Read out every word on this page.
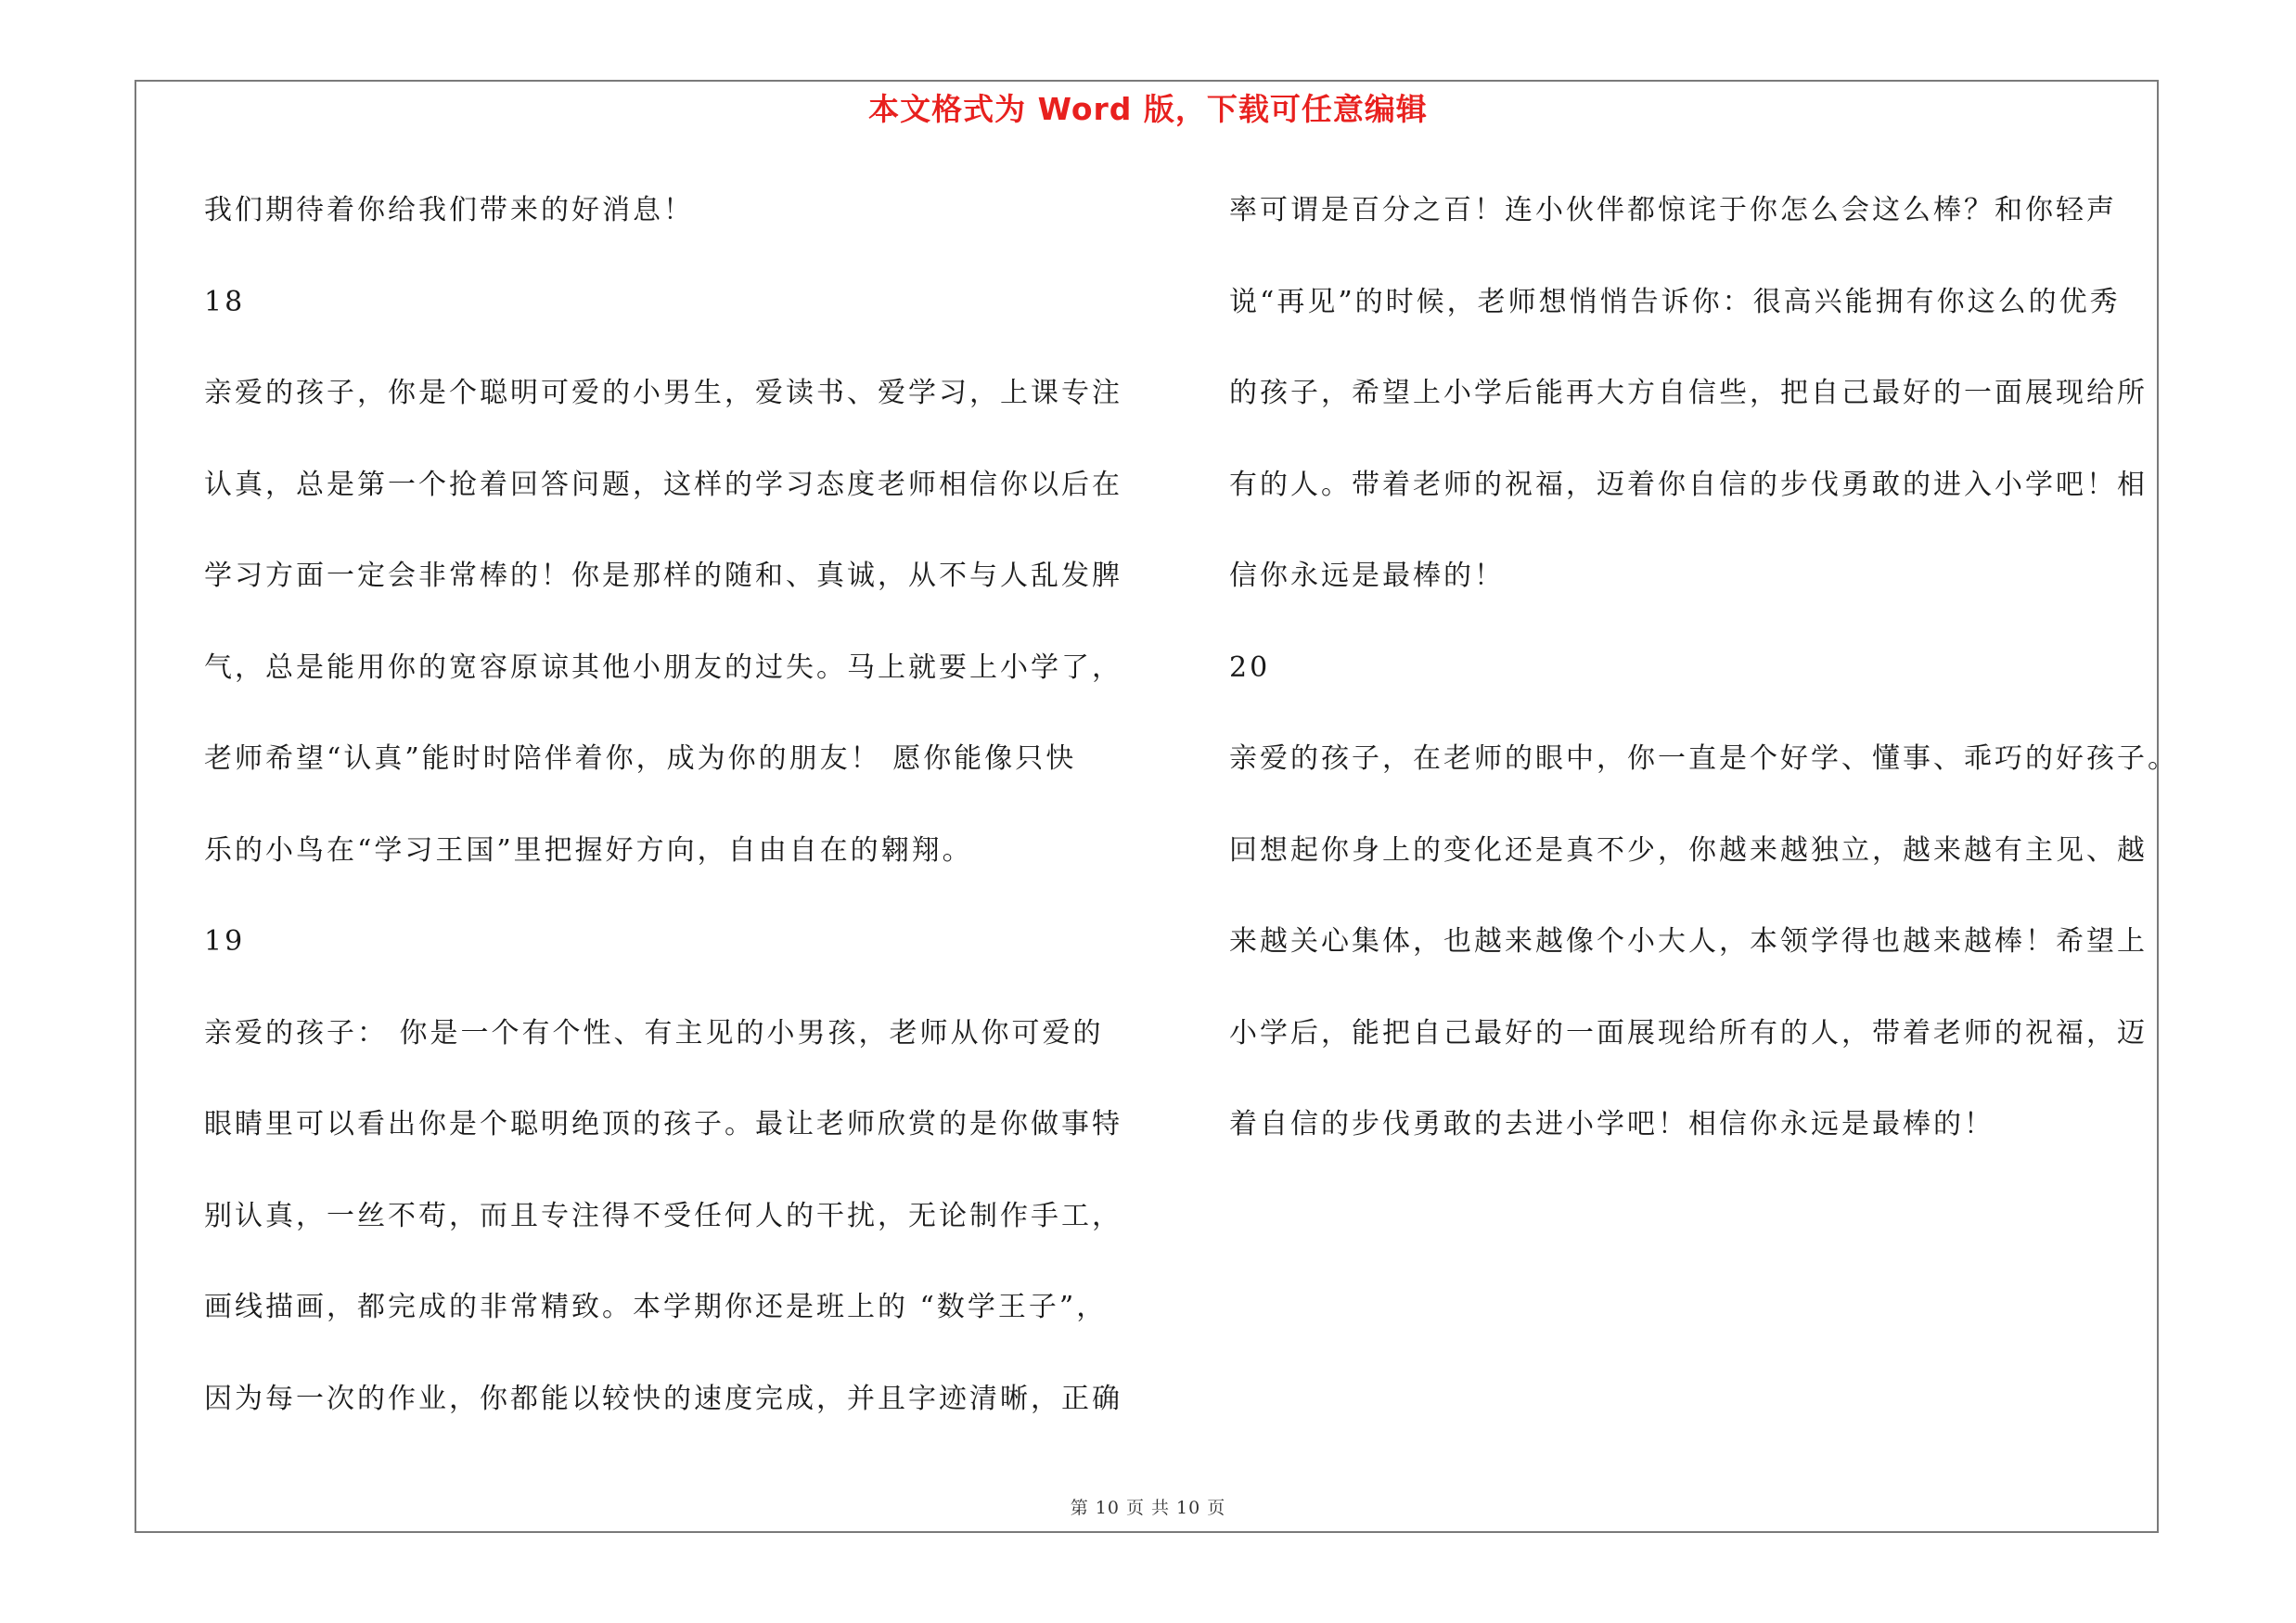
本文格式为 Word 版，下载可任意编辑
我们期待着你给我们带来的好消息！
18
亲爱的孩子，你是个聪明可爱的小男生，爱读书、爱学习，上课专注
认真，总是第一个抢着回答问题，这样的学习态度老师相信你以后在
学习方面一定会非常棒的！你是那样的随和、真诚，从不与人乱发脾
气，总是能用你的宽容原谅其他小朋友的过失。马上就要上小学了，
老师希望“认真”能时时陪伴着你，成为你的朋友！ 愿你能像只快
乐的小鸟在“学习王国”里把握好方向，自由自在的翱翔。
19
亲爱的孩子： 你是一个有个性、有主见的小男孩，老师从你可爱的
眼睛里可以看出你是个聪明绝顶的孩子。最让老师欣赏的是你做事特
别认真，一丝不苟，而且专注得不受任何人的干扰，无论制作手工，
画线描画，都完成的非常精致。本学期你还是班上的 “数学王子”，
因为每一次的作业，你都能以较快的速度完成，并且字迹清晰，正确
率可谓是百分之百！连小伙伴都惊诧于你怎么会这么棒？和你轻声
说“再见”的时候，老师想悄悄告诉你：很高兴能拥有你这么的优秀
的孩子，希望上小学后能再大方自信些，把自己最好的一面展现给所
有的人。带着老师的祝福，迈着你自信的步伐勇敢的进入小学吧！相
信你永远是最棒的！
20
亲爱的孩子，在老师的眼中，你一直是个好学、懂事、乖巧的好孩子。
回想起你身上的变化还是真不少，你越来越独立，越来越有主见、越
来越关心集体，也越来越像个小大人，本领学得也越来越棒！希望上
小学后，能把自己最好的一面展现给所有的人，带着老师的祝福，迈
着自信的步伐勇敢的去进小学吧！相信你永远是最棒的！
第 10 页 共 10 页
